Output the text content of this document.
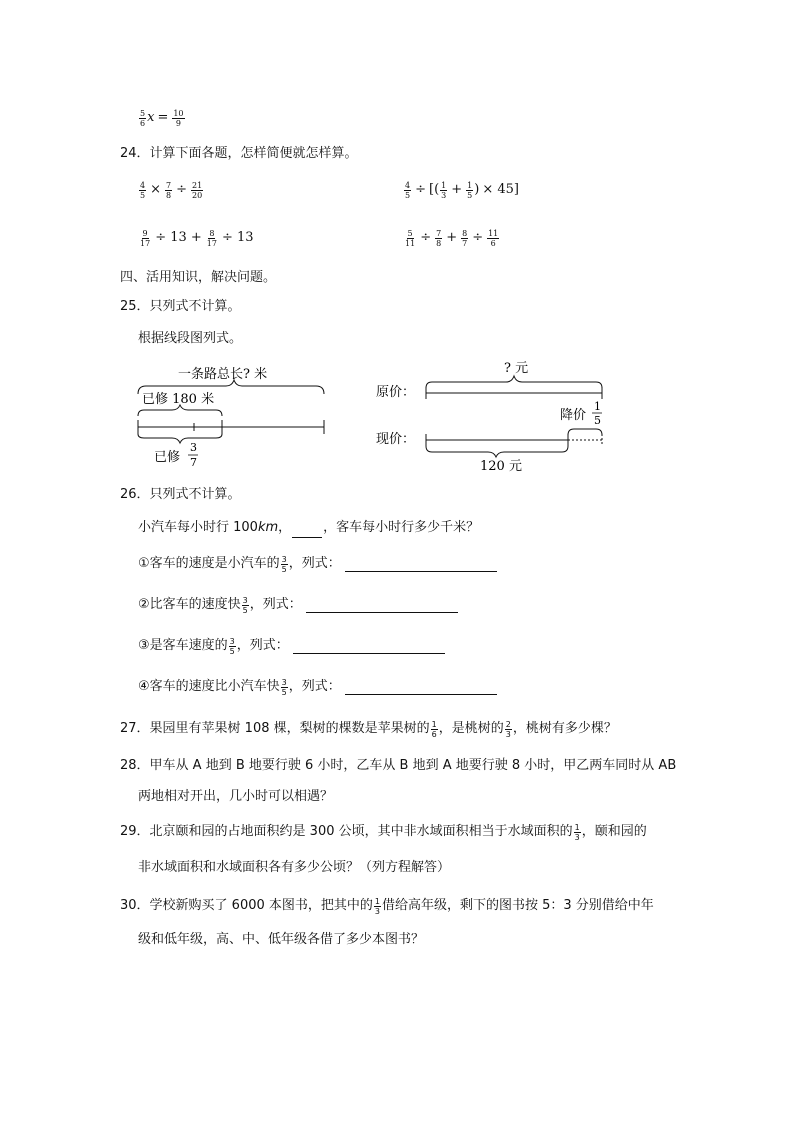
$\frac{5}{6}$ $x = \frac{10}{9}$
24．计算下面各题，怎样简便就怎样算。
$\frac{4}{5} \times \frac{7}{8} \div \frac{21}{20}$	$\frac{4}{5}$ ÷ [( $\frac{1}{3} + \frac{1}{5}$ ) × 45]
$\frac{9}{17} \div 13 + \frac{8}{17} \div 13$	$\frac{5}{11} \div \frac{7}{8} + \frac{8}{7} \div \frac{11}{6}$
四、活用知识，解决问题。
25．只列式不计算。
根据线段图列式。
一条路总长? 米
已修 180 米
已修
3
7
? 元
原价：
降价
1
5
现价：
120 元
26．只列式不计算。
小汽车每小时行 100km， ，客车每小时行多少千米？
①客车的速度是小汽车的 $\frac{3}{5}$ ，列式：
②比客车的速度快 $\frac{3}{5}$ ，列式：
③是客车速度的 $\frac{3}{5}$ ，列式：
④客车的速度比小汽车快 $\frac{3}{5}$ ，列式：
27．果园里有苹果树 108 棵，梨树的棵数是苹果树的 $\frac{1}{6}$ ，是桃树的 $\frac{2}{3}$ ，桃树有多少棵？
28．甲车从 A 地到 B 地要行驶 6 小时，乙车从 B 地到 A 地要行驶 8 小时，甲乙两车同时从 AB
两地相对开出，几小时可以相遇？
29．北京颐和园的占地面积约是 300 公顷，其中非水域面积相当于水域面积的 $\frac{1}{3}$ ，颐和园的
非水域面积和水域面积各有多少公顷？（列方程解答）
30．学校新购买了 6000 本图书，把其中的 $\frac{1}{3}$ 借给高年级，剩下的图书按 5：3 分别借给中年
级和低年级，高、中、低年级各借了多少本图书？
